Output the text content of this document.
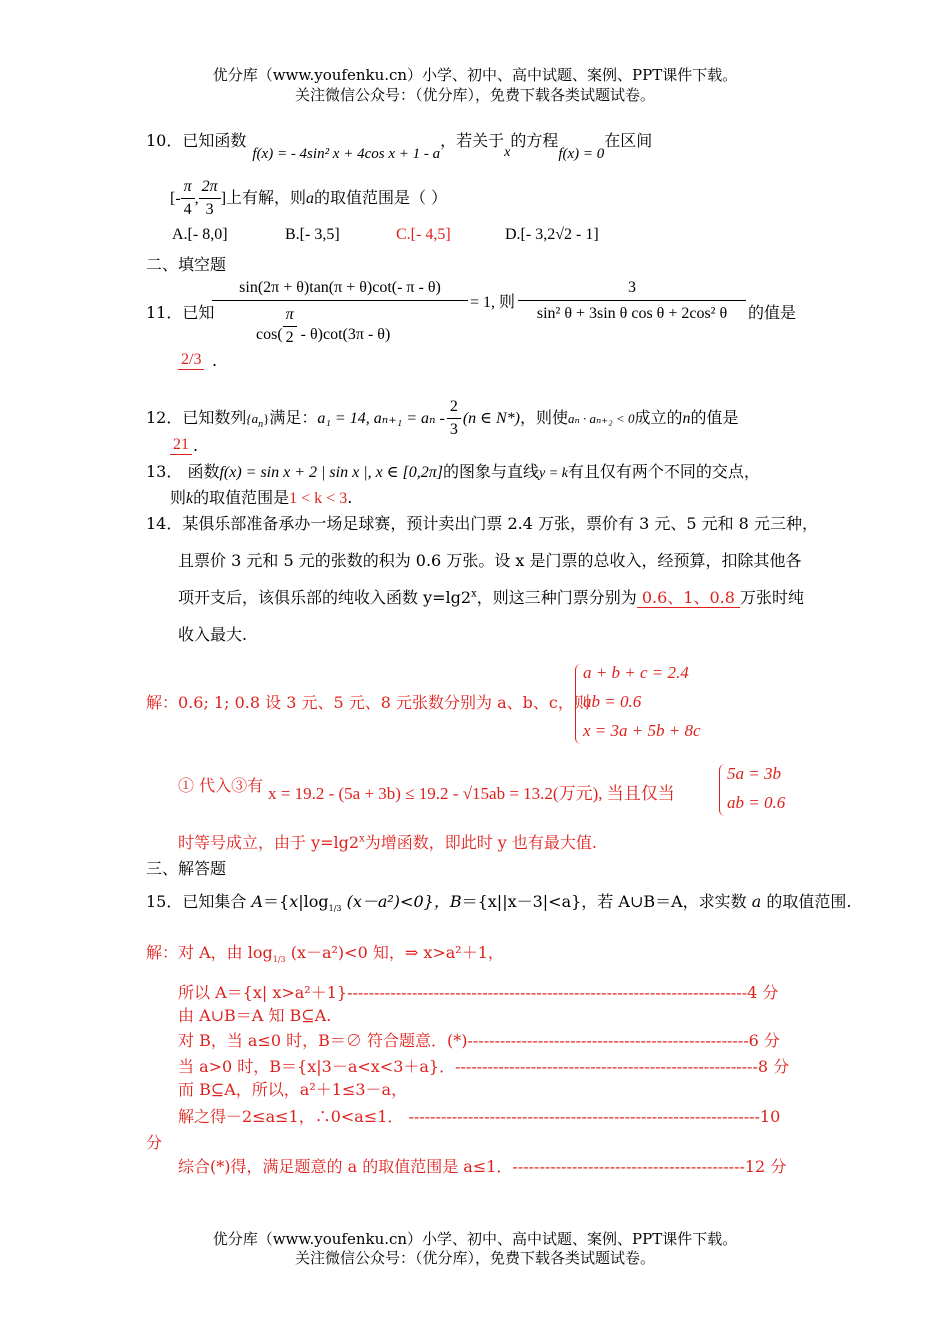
优分库（www.youfenku.cn）小学、初中、高中试题、案例、PPT课件下载。
关注微信公众号：（优分库），免费下载各类试题试卷。
10．已知函数f(x) = - 4sin² x + 4cos x + 1 - a，若关于x的方程f(x) = 0在区间
[- $\frac{\pi}{4}$ , $\frac{2\pi}{3}$ ]上有解，则a的取值范围是（ ）
A.[- 8,0]	B.[- 3,5]	C.[- 4,5]	D.[- 3,2√2 - 1]
二、填空题
11．已知
sin(2π + θ)tan(π + θ)cot(- π - θ)
$\cos( \frac{\pi}{2} - \theta)\cot(3\pi - \theta)$
= 1, 则
3
sin² θ + 3sin θ cos θ + 2cos² θ	的值是
2/3 .
12．已知数列$\{a_n\}$满足：a₁ = 14, $a_{n+1} = a_n - \frac{2}{3} (n$ ∈ N*)，则使aₙ · aₙ₊₂ < 0成立的n的值是
21 .
13． 函数f(x) = sin x + 2 | sin x |, x ∈ [0,2π]的图象与直线y = k有且仅有两个不同的交点，
则k的取值范围是1 < k < 3.
14．某俱乐部准备承办一场足球赛，预计卖出门票 2.4 万张，票价有 3 元、5 元和 8 元三种，
且票价 3 元和 5 元的张数的积为 0.6 万张。设 x 是门票的总收入，经预算，扣除其他各
项开支后，该俱乐部的纯收入函数 $y=\lg 2^x$，则这三种门票分别为 0.6、1、0.8 万张时纯
收入最大.
解：0.6; 1; 0.8 设 3 元、5 元、8 元张数分别为 a、b、c，则
a + b + c = 2.4
ab = 0.6
x = 3a + 5b + 8c
① 代入③有 x = 19.2 - (5a + 3b) ≤ 19.2 - √15ab = 13.2(万元), 当且仅当
5a = 3b
ab = 0.6
时等号成立，由于 $y=\lg 2^x$为增函数，即此时 y 也有最大值.
三、解答题
15．已知集合 $A=\{x|\log_{1/3}$ (x－a²)<0}，B＝{x||x－3|<a}，若 A∪B＝A，求实数 a 的取值范围.
解：对 A，由 $\log_{1/3} (x-a^2)<0$ 知，⇒ x>a²＋1，
所以 A＝{x| x>a²＋1}--------------------------------------------------------------------------4 分
由 A∪B＝A 知 B⊆A.
对 B，当 a≤0 时，B＝∅ 符合题意．(*)----------------------------------------------------6 分
当 a>0 时，B＝{x|3－a<x<3＋a}．--------------------------------------------------------8 分
而 B⊆A，所以，a²＋1≤3－a，
解之得－2≤a≤1，∴0<a≤1． -----------------------------------------------------------------10
分
综合(*)得，满足题意的 a 的取值范围是 a≤1．-------------------------------------------12 分
优分库（www.youfenku.cn）小学、初中、高中试题、案例、PPT课件下载。
关注微信公众号：（优分库），免费下载各类试题试卷。
